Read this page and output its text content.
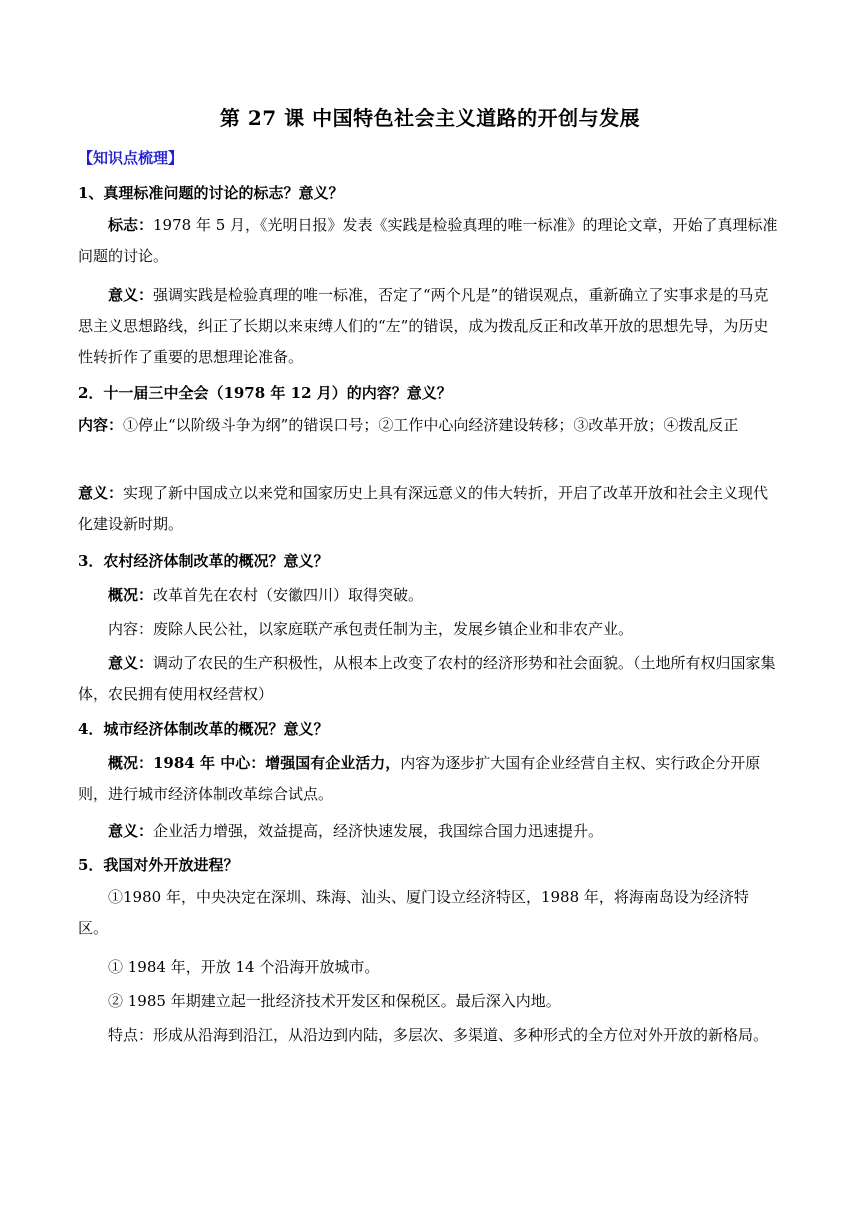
第 27 课 中国特色社会主义道路的开创与发展
【知识点梳理】

1、真理标准问题的讨论的标志？意义？

标志：1978 年 5 月，《光明日报》发表《实践是检验真理的唯一标准》的理论文章，开始了真理标准问题的讨论。

意义：强调实践是检验真理的唯一标准，否定了“两个凡是”的错误观点，重新确立了实事求是的马克思主义思想路线，纠正了长期以来束缚人们的“左”的错误，成为拨乱反正和改革开放的思想先导，为历史性转折作了重要的思想理论准备。

2．十一届三中全会（1978 年 12 月）的内容？意义？

内容：①停止“以阶级斗争为纲”的错误口号；②工作中心向经济建设转移；③改革开放；④拨乱反正

意义：实现了新中国成立以来党和国家历史上具有深远意义的伟大转折，开启了改革开放和社会主义现代化建设新时期。

3．农村经济体制改革的概况？意义？

概况：改革首先在农村（安徽四川）取得突破。

内容：废除人民公社，以家庭联产承包责任制为主，发展乡镇企业和非农产业。

意义：调动了农民的生产积极性，从根本上改变了农村的经济形势和社会面貌。（土地所有权归国家集体，农民拥有使用权经营权）

4．城市经济体制改革的概况？意义？

概况：1984 年 中心：增强国有企业活力，内容为逐步扩大国有企业经营自主权、实行政企分开原则，进行城市经济体制改革综合试点。

意义：企业活力增强，效益提高，经济快速发展，我国综合国力迅速提升。

5．我国对外开放进程？

①1980 年，中央决定在深圳、珠海、汕头、厦门设立经济特区，1988 年，将海南岛设为经济特区。

① 1984 年，开放 14 个沿海开放城市。

② 1985 年期建立起一批经济技术开发区和保税区。最后深入内地。

特点：形成从沿海到沿江，从沿边到内陆，多层次、多渠道、多种形式的全方位对外开放的新格局。
